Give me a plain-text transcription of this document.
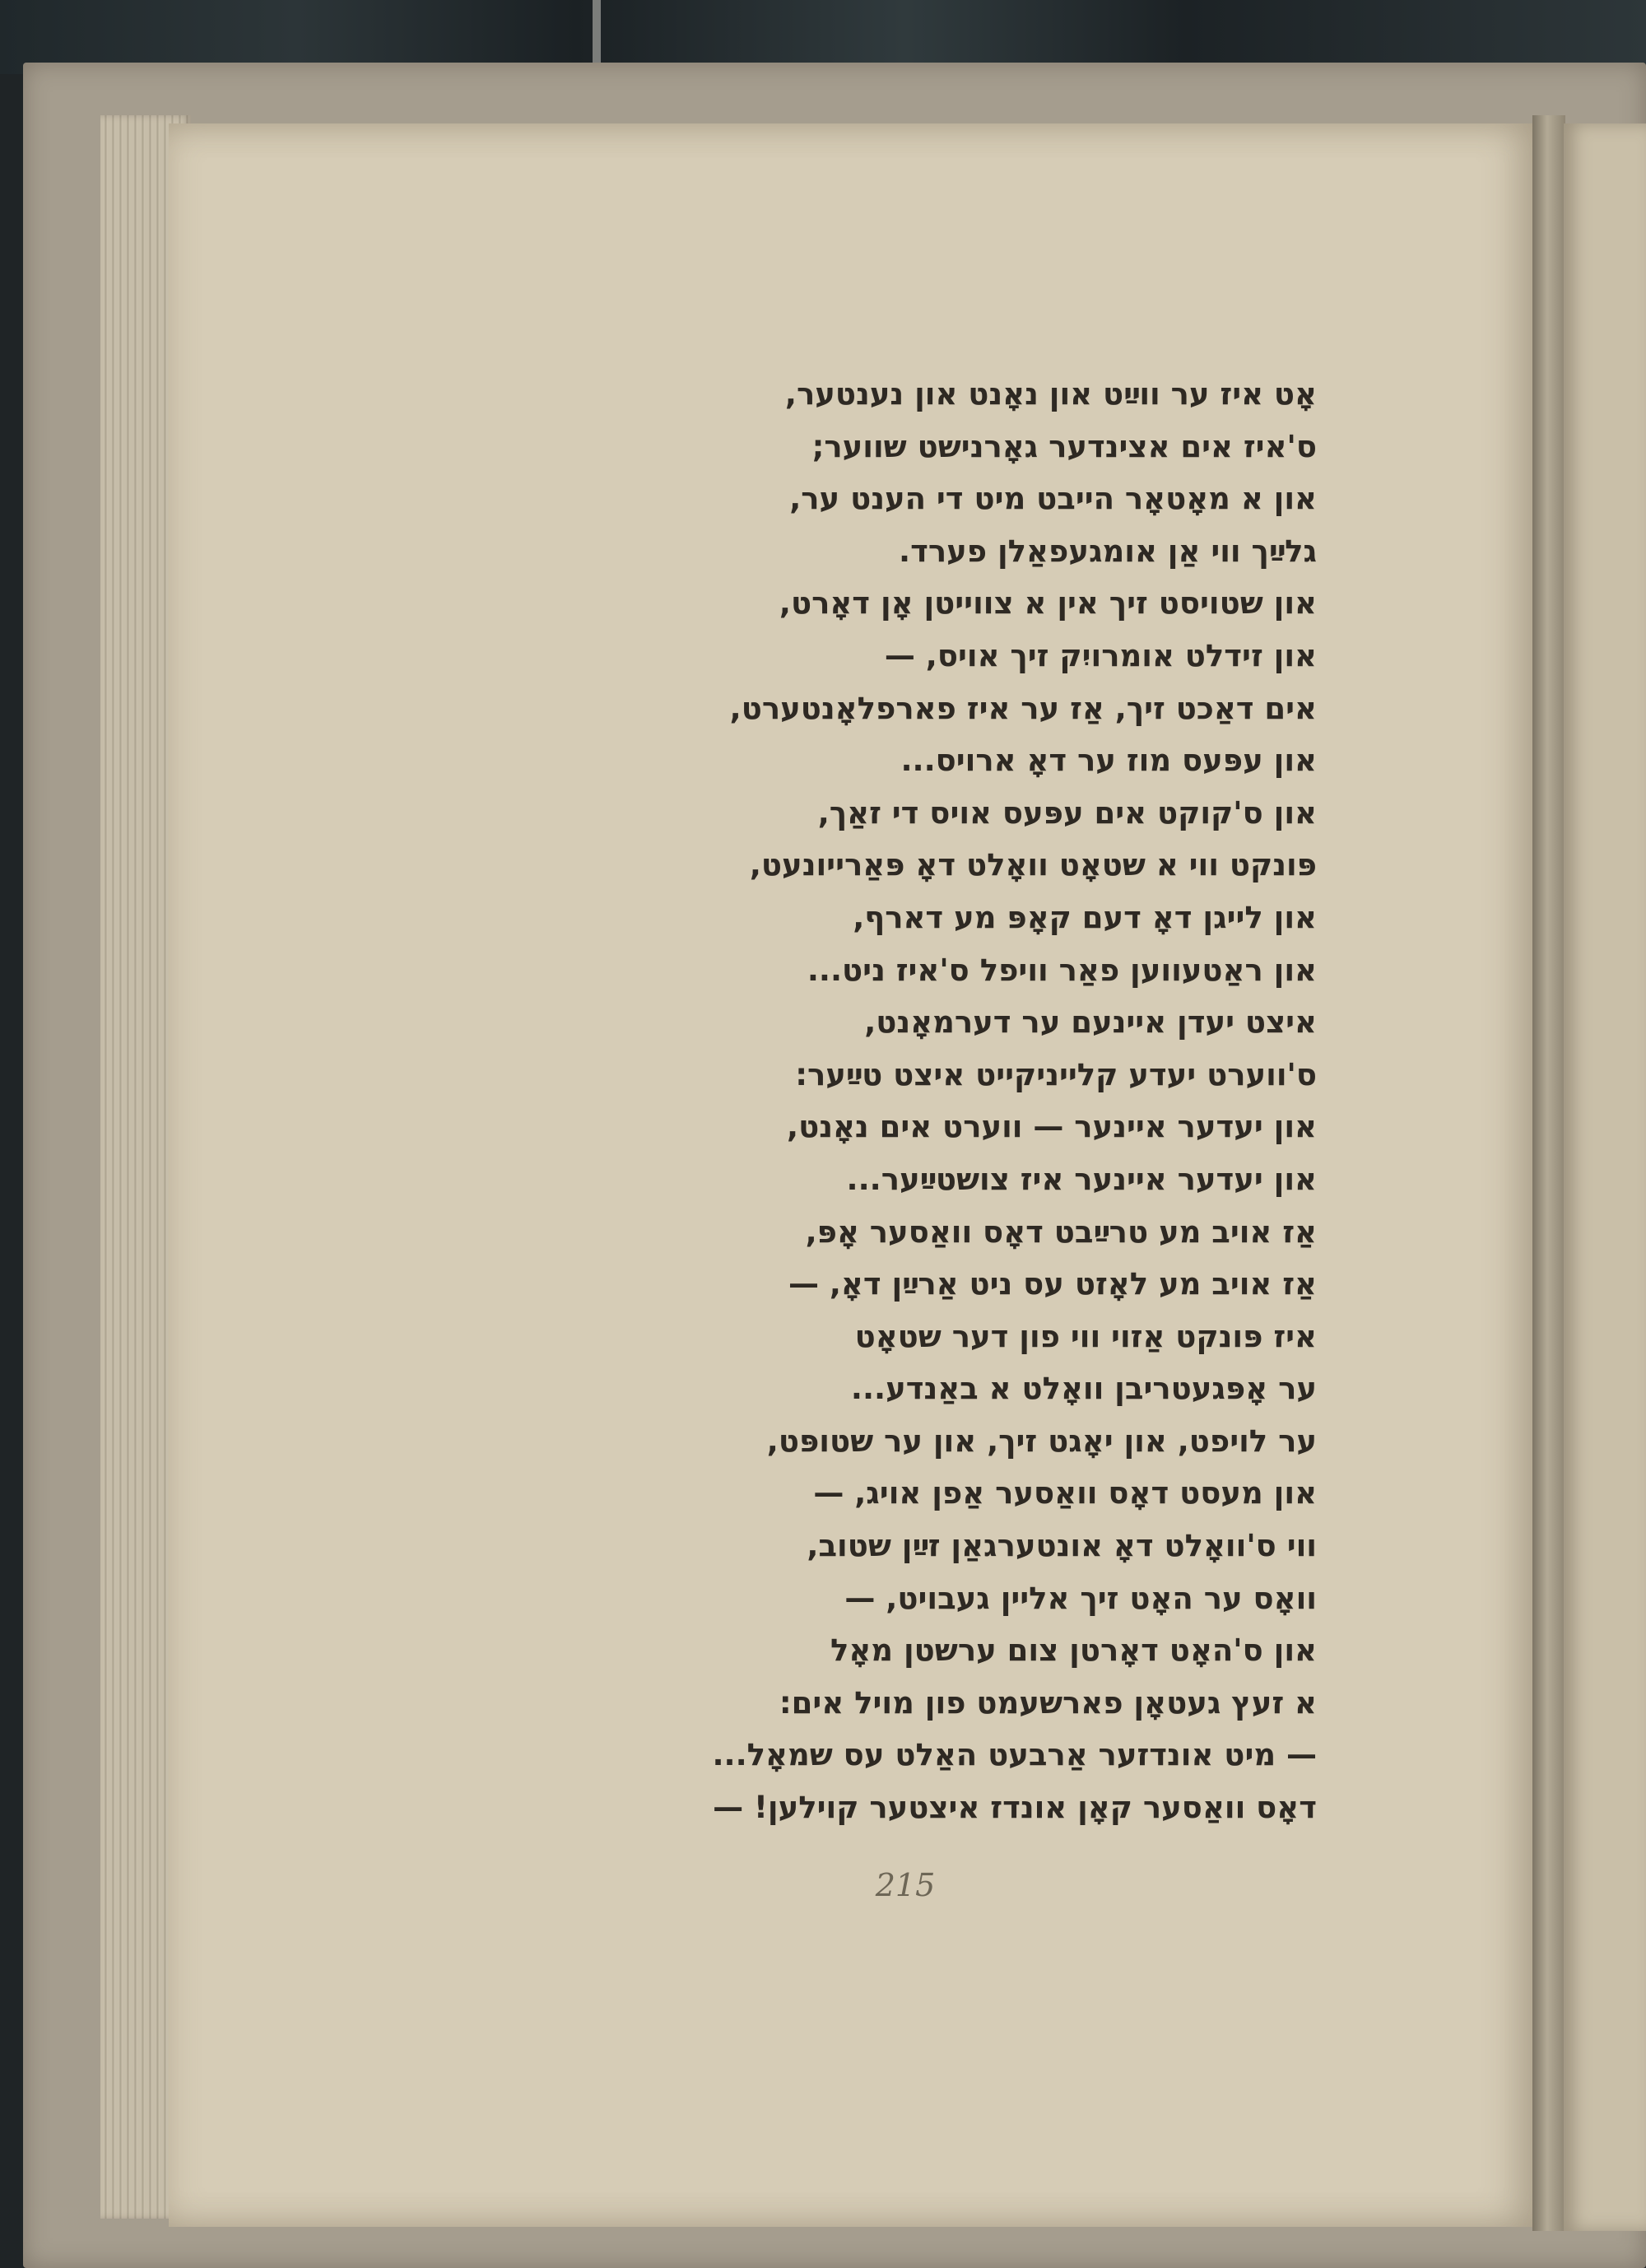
אָט איז ער ווײַט און נאָנט און נענטער,
ס'איז אים אצינדער גאָרנישט שווער;
און א מאָטאָר הייבט מיט די הענט ער,
גלײַך ווי אַן אומגעפאַלן פערד.
און שטויסט זיך אין א צווייטן אָן דאָרט,
און זידלט אומרויִק זיך אויס, —
אים דאַכט זיך, אַז ער איז פארפלאָנטערט,
און עפּעס מוז ער דאָ ארויס...
און ס'קוקט אים עפּעס אויס די זאַך,
פּונקט ווי א שטאָט וואָלט דאָ פּאַרייונעט,
און לייגן דאָ דעם קאָפּ מע דארף,
און ראַטעווען פאַר וויפל ס'איז ניט...
איצט יעדן איינעם ער דערמאָנט,
ס'ווערט יעדע קלייניקייט איצט טײַער:
און יעדער איינער — ווערט אים נאָנט,
און יעדער איינער איז צושטײַער...
אַז אויב מע טרײַבט דאָס וואַסער אָפּ,
אַז אויב מע לאָזט עס ניט אַרײַן דאָ, —
איז פּונקט אַזוי ווי פון דער שטאָט
ער אָפּגעטריבן וואָלט א באַנדע...
ער לויפט, און יאָגט זיך, און ער שטופּט,
און מעסט דאָס וואַסער אַפן אויג, —
ווי ס'וואָלט דאָ אונטערגאַן זײַן שטוב,
וואָס ער האָט זיך אליין געבויט, —
און ס'האָט דאָרטן צום ערשטן מאָל
א זעץ געטאָן פארשעמט פון מויל אים:
— מיט אונדזער אַרבעט האַלט עס שמאָל...
דאָס וואַסער קאָן אונדז איצטער קוילען! —
215
